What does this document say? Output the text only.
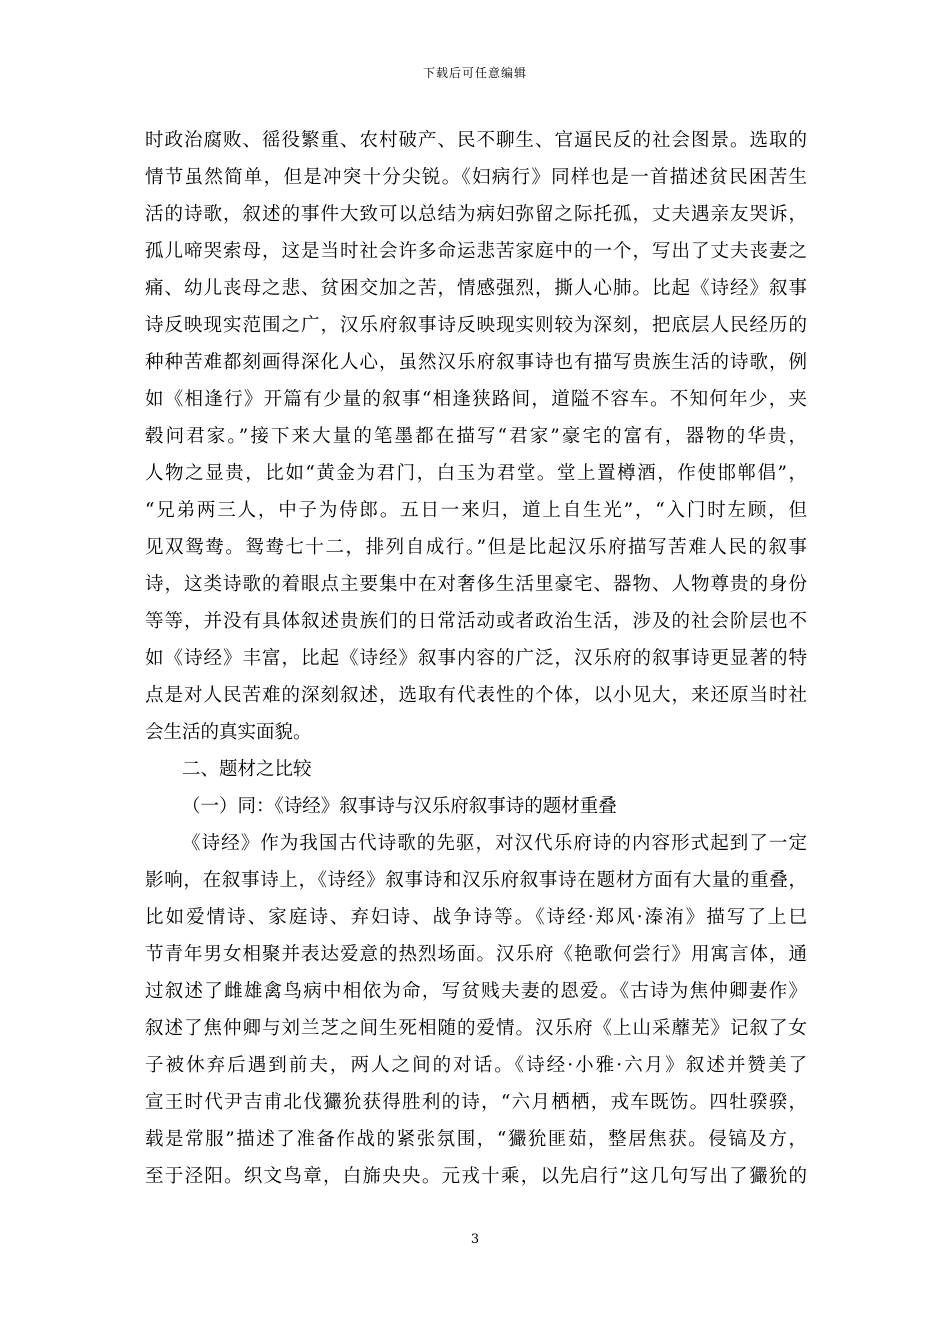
下载后可任意编辑
时政治腐败、徭役繁重、农村破产、民不聊生、官逼民反的社会图景。选取的
情节虽然简单，但是冲突十分尖锐。《妇病行》同样也是一首描述贫民困苦生
活的诗歌，叙述的事件大致可以总结为病妇弥留之际托孤，丈夫遇亲友哭诉，
孤儿啼哭索母，这是当时社会许多命运悲苦家庭中的一个，写出了丈夫丧妻之
痛、幼儿丧母之悲、贫困交加之苦，情感强烈，撕人心肺。比起《诗经》叙事
诗反映现实范围之广，汉乐府叙事诗反映现实则较为深刻，把底层人民经历的
种种苦难都刻画得深化人心，虽然汉乐府叙事诗也有描写贵族生活的诗歌，例
如《相逢行》开篇有少量的叙事“相逢狭路间，道隘不容车。不知何年少，夹
毂问君家。”接下来大量的笔墨都在描写“君家”豪宅的富有，器物的华贵，
人物之显贵，比如“黄金为君门，白玉为君堂。堂上置樽酒，作使邯郸倡”，
“兄弟两三人，中子为侍郎。五日一来归，道上自生光”，“入门时左顾，但
见双鸳鸯。鸳鸯七十二，排列自成行。”但是比起汉乐府描写苦难人民的叙事
诗，这类诗歌的着眼点主要集中在对奢侈生活里豪宅、器物、人物尊贵的身份
等等，并没有具体叙述贵族们的日常活动或者政治生活，涉及的社会阶层也不
如《诗经》丰富，比起《诗经》叙事内容的广泛，汉乐府的叙事诗更显著的特
点是对人民苦难的深刻叙述，选取有代表性的个体，以小见大，来还原当时社
会生活的真实面貌。
二、题材之比较
（一）同：《诗经》叙事诗与汉乐府叙事诗的题材重叠
《诗经》作为我国古代诗歌的先驱，对汉代乐府诗的内容形式起到了一定
影响，在叙事诗上，《诗经》叙事诗和汉乐府叙事诗在题材方面有大量的重叠，
比如爱情诗、家庭诗、弃妇诗、战争诗等。《诗经·郑风·溱洧》描写了上巳
节青年男女相聚并表达爱意的热烈场面。汉乐府《艳歌何尝行》用寓言体，通
过叙述了雌雄禽鸟病中相依为命，写贫贱夫妻的恩爱。《古诗为焦仲卿妻作》
叙述了焦仲卿与刘兰芝之间生死相随的爱情。汉乐府《上山采蘼芜》记叙了女
子被休弃后遇到前夫，两人之间的对话。《诗经·小雅·六月》叙述并赞美了
宣王时代尹吉甫北伐玁狁获得胜利的诗，“六月栖栖，戎车既饬。四牡骙骙，
载是常服”描述了准备作战的紧张氛围，“玁狁匪茹，整居焦获。侵镐及方，
至于泾阳。织文鸟章，白旆央央。元戎十乘，以先启行”这几句写出了玁狁的
3
